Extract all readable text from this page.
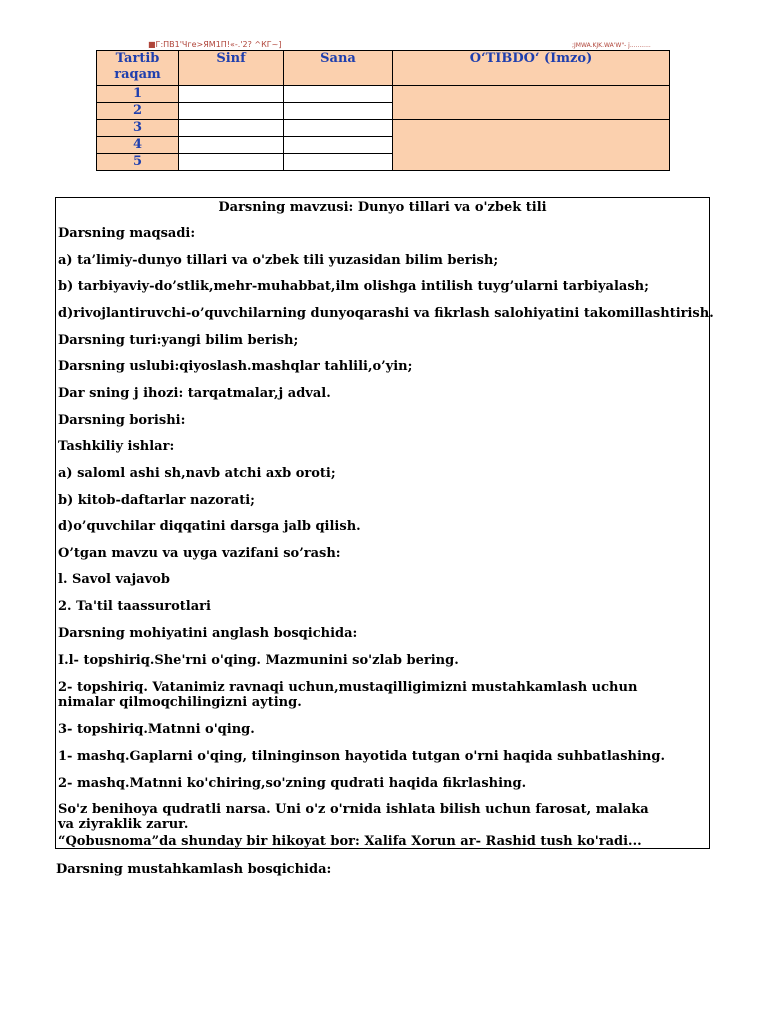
■Г:ПВ1'Чге>ЯМ1П!«-.'2? ^КГ~]	;JMWA.KJK.WA'W"- j...........
Tartib raqam	Sinf	Sana	O‘TIBDO‘ (Imzo)
1			
2			
3			
4			
5			
Darsning mavzusi: Dunyo tillari va o'zbek tili
Darsning maqsadi:
a) ta’limiy-dunyo tillari va o'zbek tili yuzasidan bilim berish;
b) tarbiyaviy-do’stlik,mehr-muhabbat,ilm olishga intilish tuyg’ularni tarbiyalash;
d)rivojlantiruvchi-o’quvchilarning dunyoqarashi va fikrlash salohiyatini takomillashtirish.
Darsning turi:yangi bilim berish;
Darsning uslubi:qiyoslash.mashqlar tahlili,o’yin;
Dar sning j ihozi: tarqatmalar,j adval.
Darsning borishi:
Tashkiliy ishlar:
a) saloml ashi sh,navb atchi axb oroti;
b) kitob-daftarlar nazorati;
d)o’quvchilar diqqatini darsga jalb qilish.
O’tgan mavzu va uyga vazifani so’rash:
l. Savol vajavob
2. Ta'til taassurotlari
Darsning mohiyatini anglash bosqichida:
I.l- topshiriq.She'rni o'qing. Mazmunini so'zlab bering.
2- topshiriq. Vatanimiz ravnaqi uchun,mustaqilligimizni mustahkamlash uchun nimalar qilmoqchilingizni ayting.
3- topshiriq.Matnni o'qing.
1- mashq.Gaplarni o'qing, tilninginson hayotida tutgan o'rni haqida suhbatlashing.
2- mashq.Matnni ko'chiring,so'zning qudrati haqida fikrlashing.
So'z benihoya qudratli narsa. Uni o'z o'rnida ishlata bilish uchun farosat, malaka va ziyraklik zarur.
“Qobusnoma”da shunday bir hikoyat bor: Xalifa Xorun ar- Rashid tush ko'radi...
Darsning mustahkamlash bosqichida:
